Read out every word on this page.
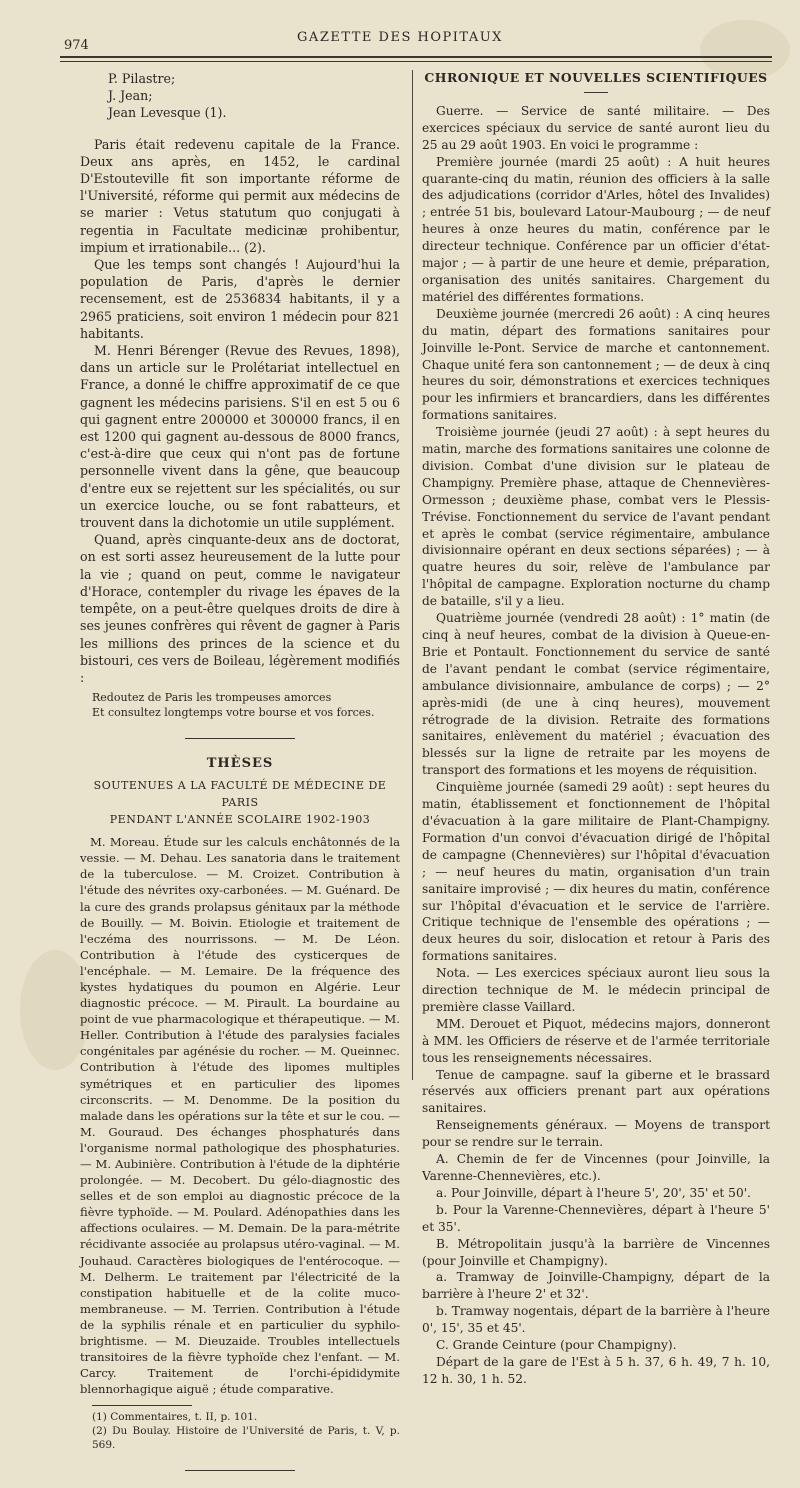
974
GAZETTE DES HOPITAUX
P. Pilastre;
J. Jean;
Jean Levesque (1).

Paris était redevenu capitale de la France. Deux ans après, en 1452, le cardinal D'Estouteville fit son importante réforme de l'Université, réforme qui permit aux médecins de se marier : Vetus statutum quo conjugati à regentia in Facultate medicinæ prohibentur, impium et irrationabile... (2).

Que les temps sont changés ! Aujourd'hui la population de Paris, d'après le dernier recensement, est de 2536834 habitants, il y a 2965 praticiens, soit environ 1 médecin pour 821 habitants.

M. Henri Bérenger (Revue des Revues, 1898), dans un article sur le Prolétariat intellectuel en France, a donné le chiffre approximatif de ce que gagnent les médecins parisiens. S'il en est 5 ou 6 qui gagnent entre 200000 et 300000 francs, il en est 1200 qui gagnent au-dessous de 8000 francs, c'est-à-dire que ceux qui n'ont pas de fortune personnelle vivent dans la gêne, que beaucoup d'entre eux se rejettent sur les spécialités, ou sur un exercice louche, ou se font rabatteurs, et trouvent dans la dichotomie un utile supplément.

Quand, après cinquante-deux ans de doctorat, on est sorti assez heureusement de la lutte pour la vie ; quand on peut, comme le navigateur d'Horace, contempler du rivage les épaves de la tempête, on a peut-être quelques droits de dire à ses jeunes confrères qui rêvent de gagner à Paris les millions des princes de la science et du bistouri, ces vers de Boileau, légèrement modifiés :

Redoutez de Paris les trompeuses amorces
Et consultez longtemps votre bourse et vos forces.
THÈSES
SOUTENUES A LA FACULTÉ DE MÉDECINE DE PARIS
PENDANT L'ANNÉE SCOLAIRE 1902-1903

M. Moreau. Étude sur les calculs enchâtonnés de la vessie. — M. Dehau. Les sanatoria dans le traitement de la tuberculose. — M. Croizet. Contribution à l'étude des névrites oxy-carbonées. — M. Guénard. De la cure des grands prolapsus génitaux par la méthode de Bouilly. — M. Boivin. Etiologie et traitement de l'eczéma des nourrissons. — M. De Léon. Contribution à l'étude des cysticerques de l'encéphale. — M. Lemaire. De la fréquence des kystes hydatiques du poumon en Algérie. Leur diagnostic précoce. — M. Pirault. La bourdaine au point de vue pharmacologique et thérapeutique. — M. Heller. Contribution à l'étude des paralysies faciales congénitales par agénésie du rocher. — M. Queinnec. Contribution à l'étude des lipomes multiples symétriques et en particulier des lipomes circonscrits. — M. Denomme. De la position du malade dans les opérations sur la tête et sur le cou. — M. Gouraud. Des échanges phosphaturés dans l'organisme normal pathologique des phosphaturies. — M. Aubinière. Contribution à l'étude de la diphtérie prolongée. — M. Decobert. Du gélo-diagnostic des selles et de son emploi au diagnostic précoce de la fièvre typhoïde. — M. Poulard. Adénopathies dans les affections oculaires. — M. Demain. De la para-métrite récidivante associée au prolapsus utéro-vaginal. — M. Jouhaud. Caractères biologiques de l'entérocoque. — M. Delherm. Le traitement par l'électricité de la constipation habituelle et de la colite muco-membraneuse. — M. Terrien. Contribution à l'étude de la syphilis rénale et en particulier du syphilo-brightisme. — M. Dieuzaide. Troubles intellectuels transitoires de la fièvre typhoïde chez l'enfant. — M. Carcy. Traitement de l'orchi-épididymite blennorhagique aiguë ; étude comparative.

(1) Commentaires, t. II, p. 101.
(2) Du Boulay. Histoire de l'Université de Paris, t. V, p. 569.
CHRONIQUE ET NOUVELLES SCIENTIFIQUES

Guerre. — Service de santé militaire. — Des exercices spéciaux du service de santé auront lieu du 25 au 29 août 1903. En voici le programme :

Première journée (mardi 25 août) : A huit heures quarante-cinq du matin, réunion des officiers à la salle des adjudications (corridor d'Arles, hôtel des Invalides) ; entrée 51 bis, boulevard Latour-Maubourg ; — de neuf heures à onze heures du matin, conférence par le directeur technique. Conférence par un officier d'état-major ; — à partir de une heure et demie, préparation, organisation des unités sanitaires. Chargement du matériel des différentes formations.

Deuxième journée (mercredi 26 août) : A cinq heures du matin, départ des formations sanitaires pour Joinville le-Pont. Service de marche et cantonnement. Chaque unité fera son cantonnement ; — de deux à cinq heures du soir, démonstrations et exercices techniques pour les infirmiers et brancardiers, dans les différentes formations sanitaires.

Troisième journée (jeudi 27 août) : à sept heures du matin, marche des formations sanitaires une colonne de division. Combat d'une division sur le plateau de Champigny. Première phase, attaque de Chennevières-Ormesson ; deuxième phase, combat vers le Plessis-Trévise. Fonctionnement du service de l'avant pendant et après le combat (service régimentaire, ambulance divisionnaire opérant en deux sections séparées) ; — à quatre heures du soir, relève de l'ambulance par l'hôpital de campagne. Exploration nocturne du champ de bataille, s'il y a lieu.

Quatrième journée (vendredi 28 août) : 1° matin (de cinq à neuf heures, combat de la division à Queue-en-Brie et Pontault. Fonctionnement du service de santé de l'avant pendant le combat (service régimentaire, ambulance divisionnaire, ambulance de corps) ; — 2° après-midi (de une à cinq heures), mouvement rétrograde de la division. Retraite des formations sanitaires, enlèvement du matériel ; évacuation des blessés sur la ligne de retraite par les moyens de transport des formations et les moyens de réquisition.

Cinquième journée (samedi 29 août) : sept heures du matin, établissement et fonctionnement de l'hôpital d'évacuation à la gare militaire de Plant-Champigny. Formation d'un convoi d'évacuation dirigé de l'hôpital de campagne (Chennevières) sur l'hôpital d'évacuation ; — neuf heures du matin, organisation d'un train sanitaire improvisé ; — dix heures du matin, conférence sur l'hôpital d'évacuation et le service de l'arrière. Critique technique de l'ensemble des opérations ; — deux heures du soir, dislocation et retour à Paris des formations sanitaires.

Nota. — Les exercices spéciaux auront lieu sous la direction technique de M. le médecin principal de première classe Vaillard.

MM. Derouet et Piquot, médecins majors, donneront à MM. les Officiers de réserve et de l'armée territoriale tous les renseignements nécessaires.

Tenue de campagne. sauf la giberne et le brassard réservés aux officiers prenant part aux opérations sanitaires.

Renseignements généraux. — Moyens de transport pour se rendre sur le terrain.

A. Chemin de fer de Vincennes (pour Joinville, la Varenne-Chennevières, etc.).

a. Pour Joinville, départ à l'heure 5', 20', 35' et 50'.

b. Pour la Varenne-Chennevières, départ à l'heure 5' et 35'.

B. Métropolitain jusqu'à la barrière de Vincennes (pour Joinville et Champigny).

a. Tramway de Joinville-Champigny, départ de la barrière à l'heure 2' et 32'.

b. Tramway nogentais, départ de la barrière à l'heure 0', 15', 35 et 45'.

C. Grande Ceinture (pour Champigny).

Départ de la gare de l'Est à 5 h. 37, 6 h. 49, 7 h. 10, 12 h. 30, 1 h. 52.
